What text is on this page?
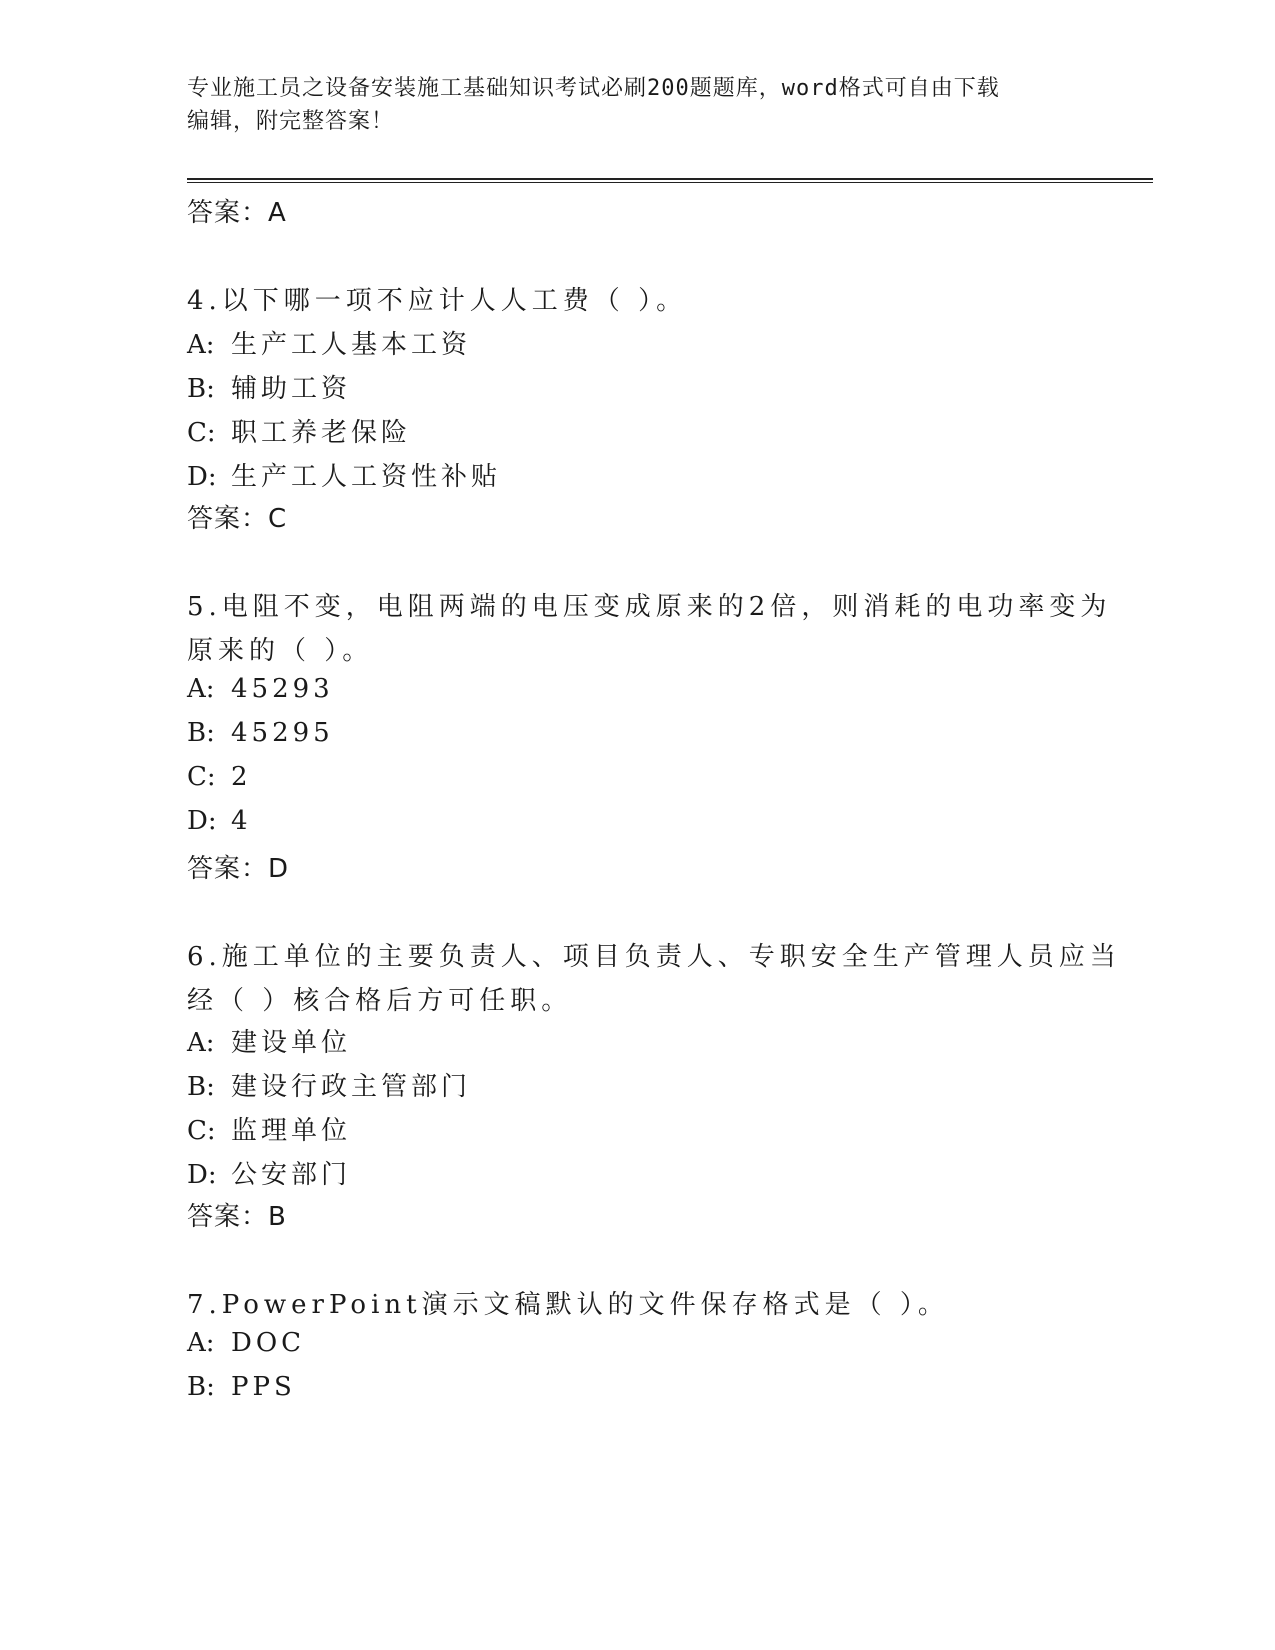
专业施工员之设备安装施工基础知识考试必刷200题题库，word格式可自由下载
编辑，附完整答案！
答案：A
4.以下哪一项不应计人人工费（ ）。
A: 生产工人基本工资
B: 辅助工资
C: 职工养老保险
D: 生产工人工资性补贴
答案：C
5.电阻不变，电阻两端的电压变成原来的2倍，则消耗的电功率变为
原来的（ ）。
A: 45293
B: 45295
C: 2
D: 4
答案：D
6.施工单位的主要负责人、项目负责人、专职安全生产管理人员应当
经（ ）核合格后方可任职。
A: 建设单位
B: 建设行政主管部门
C: 监理单位
D: 公安部门
答案：B
7.PowerPoint演示文稿默认的文件保存格式是（ ）。
A: DOC
B: PPS
